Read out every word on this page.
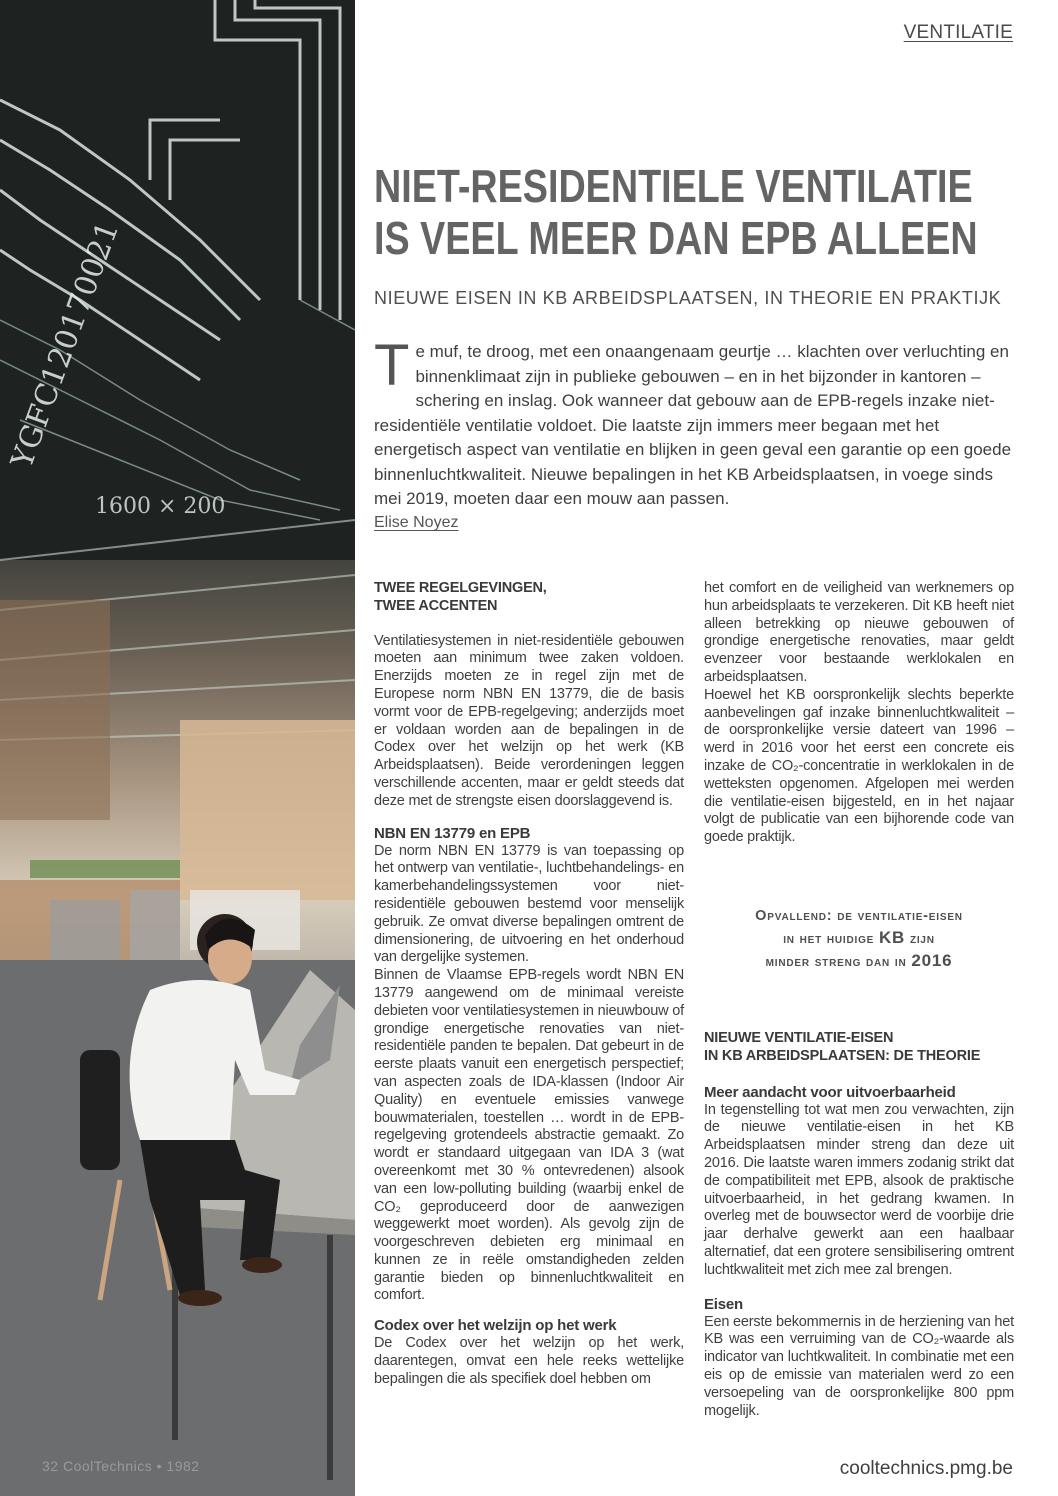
YGFC120170021
1600 × 200
32 CoolTechnics • 1982
VENTILATIE
NIET-RESIDENTIELE VENTILATIE
IS VEEL MEER DAN EPB ALLEEN
NIEUWE EISEN IN KB ARBEIDSPLAATSEN, IN THEORIE EN PRAKTIJK
Te muf, te droog, met een onaangenaam geurtje … klachten over verluchting en binnenklimaat zijn in publieke gebouwen – en in het bijzonder in kantoren – schering en inslag. Ook wanneer dat gebouw aan de EPB-regels inzake niet-residentiële ventilatie voldoet. Die laatste zijn immers meer begaan met het energetisch aspect van ventilatie en blijken in geen geval een garantie op een goede binnenluchtkwaliteit. Nieuwe bepalingen in het KB Arbeidsplaatsen, in voege sinds mei 2019, moeten daar een mouw aan passen.
Elise Noyez

TWEE REGELGEVINGEN,
TWEE ACCENTEN

Ventilatiesystemen in niet-residentiële gebouwen moeten aan minimum twee zaken voldoen. Enerzijds moeten ze in regel zijn met de Europese norm NBN EN 13779, die de basis vormt voor de EPB-regelgeving; anderzijds moet er voldaan worden aan de bepalingen in de Codex over het welzijn op het werk (KB Arbeidsplaatsen). Beide verordeningen leggen verschillende accenten, maar er geldt steeds dat deze met de strengste eisen doorslaggevend is.

NBN EN 13779 en EPB

De norm NBN EN 13779 is van toepassing op het ontwerp van ventilatie-, luchtbehandelings- en kamerbehandelingssystemen voor niet-residentiële gebouwen bestemd voor menselijk gebruik. Ze omvat diverse bepalingen omtrent de dimensionering, de uitvoering en het onderhoud van dergelijke systemen.

Binnen de Vlaamse EPB-regels wordt NBN EN 13779 aangewend om de minimaal vereiste debieten voor ventilatiesystemen in nieuwbouw of grondige energetische renovaties van niet-residentiële panden te bepalen. Dat gebeurt in de eerste plaats vanuit een energetisch perspectief; van aspecten zoals de IDA-klassen (Indoor Air Quality) en eventuele emissies vanwege bouwmaterialen, toestellen … wordt in de EPB-regelgeving grotendeels abstractie gemaakt. Zo wordt er standaard uitgegaan van IDA 3 (wat overeenkomt met 30 % ontevredenen) alsook van een low-polluting building (waarbij enkel de CO₂ geproduceerd door de aanwezigen weggewerkt moet worden). Als gevolg zijn de voorgeschreven debieten erg minimaal en kunnen ze in reële omstandigheden zelden garantie bieden op binnenluchtkwaliteit en comfort.

Codex over het welzijn op het werk

De Codex over het welzijn op het werk, daarentegen, omvat een hele reeks wettelijke bepalingen die als specifiek doel hebben om

het comfort en de veiligheid van werknemers op hun arbeidsplaats te verzekeren. Dit KB heeft niet alleen betrekking op nieuwe gebouwen of grondige energetische renovaties, maar geldt evenzeer voor bestaande werklokalen en arbeidsplaatsen.

Hoewel het KB oorspronkelijk slechts beperkte aanbevelingen gaf inzake binnenluchtkwaliteit – de oorspronkelijke versie dateert van 1996 – werd in 2016 voor het eerst een concrete eis inzake de CO₂-concentratie in werklokalen in de wetteksten opgenomen. Afgelopen mei werden die ventilatie-eisen bijgesteld, en in het najaar volgt de publicatie van een bijhorende code van goede praktijk.

Opvallend: de ventilatie-eisen
in het huidige KB zijn
minder streng dan in 2016

NIEUWE VENTILATIE-EISEN
IN KB ARBEIDSPLAATSEN: DE THEORIE

Meer aandacht voor uitvoerbaarheid

In tegenstelling tot wat men zou verwachten, zijn de nieuwe ventilatie-eisen in het KB Arbeidsplaatsen minder streng dan deze uit 2016. Die laatste waren immers zodanig strikt dat de compatibiliteit met EPB, alsook de praktische uitvoerbaarheid, in het gedrang kwamen. In overleg met de bouwsector werd de voorbije drie jaar derhalve gewerkt aan een haalbaar alternatief, dat een grotere sensibilisering omtrent luchtkwaliteit met zich mee zal brengen.

Eisen

Een eerste bekommernis in de herziening van het KB was een verruiming van de CO₂-waarde als indicator van luchtkwaliteit. In combinatie met een eis op de emissie van materialen werd zo een versoepeling van de oorspronkelijke 800 ppm mogelijk.

cooltechnics.pmg.be
